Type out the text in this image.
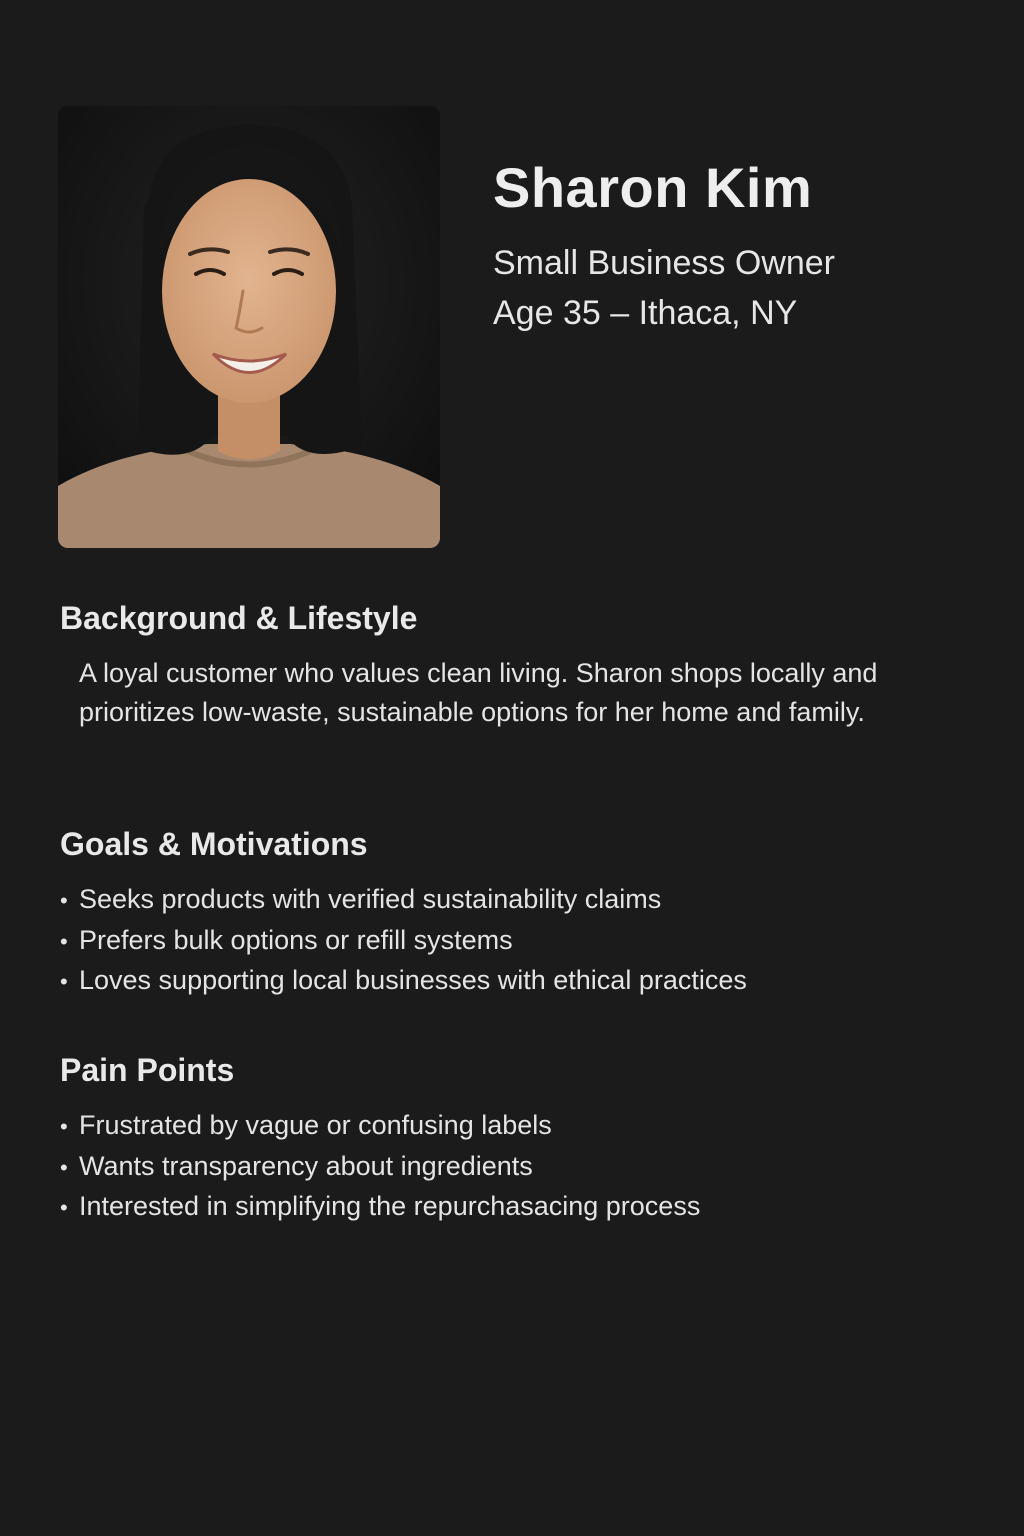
Sharon Kim

Small Business Owner

Age 35 – Ithaca, NY

Background & Lifestyle

A loyal customer who values clean living. Sharon shops locally and prioritizes low-waste, sustainable options for her home and family.

Goals & Motivations
• Seeks products with verified sustainability claims
• Prefers bulk options or refill systems
• Loves supporting local businesses with ethical practices
Pain Points
• Frustrated by vague or confusing labels
• Wants transparency about ingredients
• Interested in simplifying the repurchasacing process
